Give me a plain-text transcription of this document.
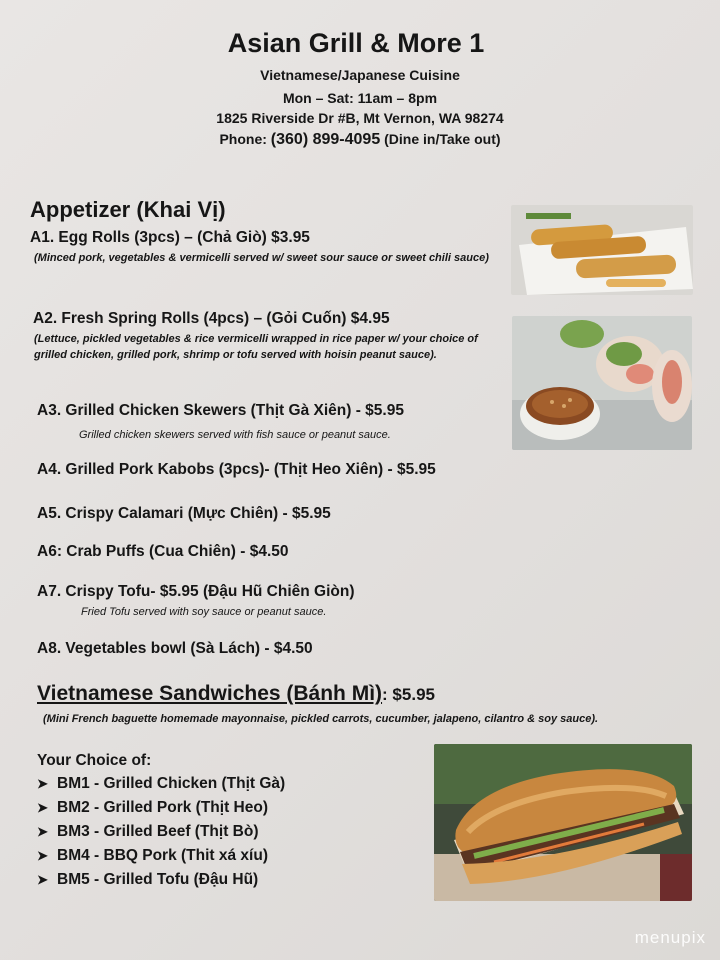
Asian Grill & More 1
Vietnamese/Japanese Cuisine
Mon – Sat: 11am – 8pm
1825 Riverside Dr #B, Mt Vernon, WA 98274
Phone: (360) 899-4095 (Dine in/Take out)
Appetizer (Khai Vị)
A1. Egg Rolls (3pcs) – (Chả Giò) $3.95
(Minced pork, vegetables & vermicelli served w/ sweet sour sauce or sweet chili sauce)
A2. Fresh Spring Rolls (4pcs) – (Gỏi Cuốn) $4.95
(Lettuce, pickled vegetables & rice vermicelli wrapped in rice paper w/ your choice of grilled chicken, grilled pork, shrimp or tofu served with hoisin peanut sauce).
A3. Grilled Chicken Skewers (Thịt Gà Xiên) - $5.95
Grilled chicken skewers served with fish sauce or peanut sauce.
A4. Grilled Pork Kabobs (3pcs)- (Thịt Heo Xiên) - $5.95
A5. Crispy Calamari (Mực Chiên) - $5.95
A6: Crab Puffs (Cua Chiên) - $4.50
A7. Crispy Tofu- $5.95 (Đậu Hũ Chiên Giòn)
Fried Tofu served with soy sauce or peanut sauce.
A8. Vegetables bowl (Sà Lách) - $4.50
Vietnamese Sandwiches (Bánh Mì): $5.95
(Mini French baguette homemade mayonnaise, pickled carrots, cucumber, jalapeno, cilantro & soy sauce).
Your Choice of:
➤ BM1 - Grilled Chicken (Thịt Gà)
➤ BM2 - Grilled Pork (Thịt Heo)
➤ BM3 - Grilled Beef (Thịt Bò)
➤ BM4 - BBQ Pork (Thit xá xíu)
➤ BM5 - Grilled Tofu (Đậu Hũ)
menupix
